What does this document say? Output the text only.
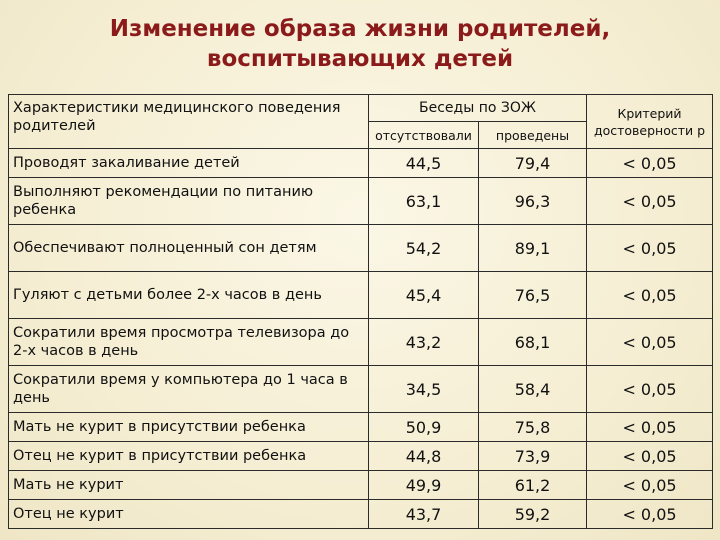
Изменение образа жизни родителей,
воспитывающих детей
Характеристики медицинского поведения родителей	Беседы по ЗОЖ		Критерий достоверности p
	отсутствовали	проведены	
Проводят закаливание детей	44,5	79,4	< 0,05
Выполняют рекомендации по питанию ребенка	63,1	96,3	< 0,05
Обеспечивают полноценный сон детям	54,2	89,1	< 0,05
Гуляют с детьми более 2-х часов в день	45,4	76,5	< 0,05
Сократили время просмотра телевизора до 2-х часов в день	43,2	68,1	< 0,05
Сократили время у компьютера до 1 часа в день	34,5	58,4	< 0,05
Мать не курит в присутствии ребенка	50,9	75,8	< 0,05
Отец не курит в присутствии ребенка	44,8	73,9	< 0,05
Мать не курит	49,9	61,2	< 0,05
Отец не курит	43,7	59,2	< 0,05
